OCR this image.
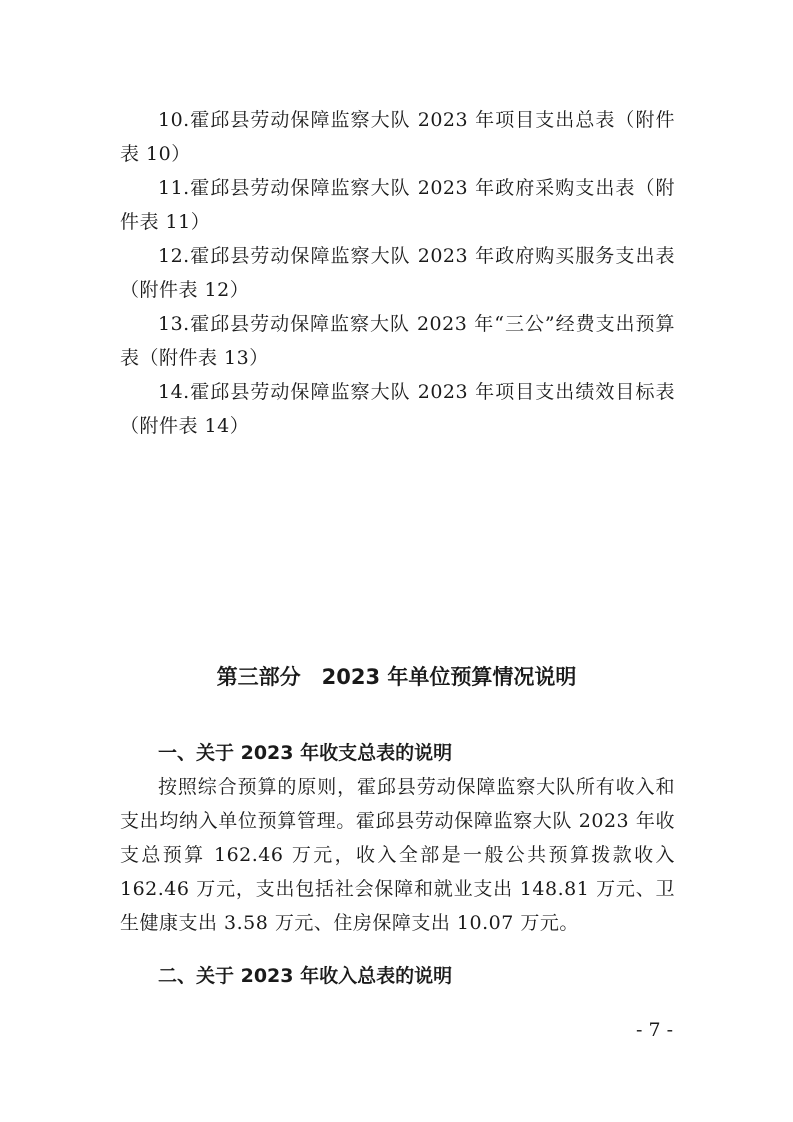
10.霍邱县劳动保障监察大队 2023 年项目支出总表（附件表 10）

11.霍邱县劳动保障监察大队 2023 年政府采购支出表（附件表 11）

12.霍邱县劳动保障监察大队 2023 年政府购买服务支出表（附件表 12）

13.霍邱县劳动保障监察大队 2023 年“三公”经费支出预算表（附件表 13）

14.霍邱县劳动保障监察大队 2023 年项目支出绩效目标表（附件表 14）

第三部分　2023 年单位预算情况说明
一、关于 2023 年收支总表的说明

按照综合预算的原则，霍邱县劳动保障监察大队所有收入和支出均纳入单位预算管理。霍邱县劳动保障监察大队 2023 年收支总预算 162.46 万元，收入全部是一般公共预算拨款收入 162.46 万元，支出包括社会保障和就业支出 148.81 万元、卫生健康支出 3.58 万元、住房保障支出 10.07 万元。

二、关于 2023 年收入总表的说明

- 7 -
